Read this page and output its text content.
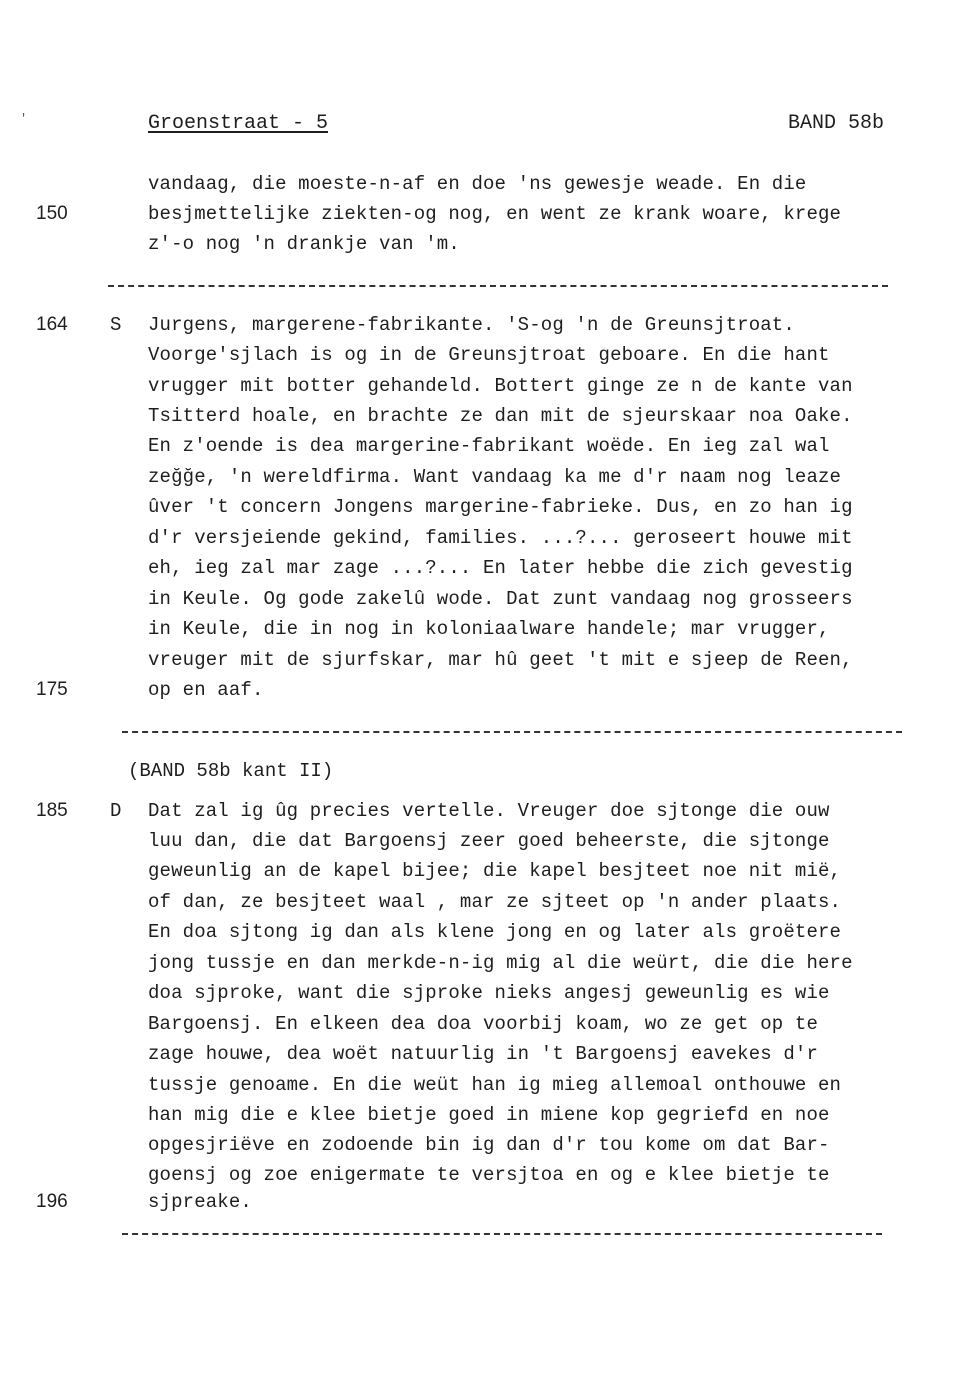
'	Groenstraat - 5	BAND 58b
vandaag, die moeste-n-af en doe 'ns gewesje weade. En die
besjmettelijke ziekten-og nog, en went ze krank woare, krege
z'-o nog 'n drankje van 'm.
150
S
164
175
Jurgens, margerene-fabrikante. 'S-og 'n de Greunsjtroat.
Voorge'sjlach is og in de Greunsjtroat geboare. En die hant
vrugger mit botter gehandeld. Bottert ginge ze n de kante van
Tsitterd hoale, en brachte ze dan mit de sjeurskaar noa Oake.
En z'oende is dea margerine-fabrikant woëde. En ieg zal wal
zeğğe, 'n wereldfirma. Want vandaag ka me d'r naam nog leaze
ûver 't concern Jongens margerine-fabrieke. Dus, en zo han ig
d'r versjeiende gekind, families. ...?... geroseert houwe mit
eh, ieg zal mar zage ...?... En later hebbe die zich gevestig
in Keule. Og gode zakelû wode. Dat zunt vandaag nog grosseers
in Keule, die in nog in koloniaalware handele; mar vrugger,
vreuger mit de sjurfskar, mar hû geet 't mit e sjeep de Reen,
op en aaf.
(BAND 58b kant II)
D
185
196
Dat zal ig ûg precies vertelle. Vreuger doe sjtonge die ouw
luu dan, die dat Bargoensj zeer goed beheerste, die sjtonge
geweunlig an de kapel bijee; die kapel besjteet noe nit mië,
of dan, ze besjteet waal , mar ze sjteet op 'n ander plaats.
En doa sjtong ig dan als klene jong en og later als groëtere
jong tussje en dan merkde-n-ig mig al die weürt, die die here
doa sjproke, want die sjproke nieks angesj geweunlig es wie
Bargoensj. En elkeen dea doa voorbij koam, wo ze get op te
zage houwe, dea woët natuurlig in 't Bargoensj eavekes d'r
tussje genoame. En die weüt han ig mieg allemoal onthouwe en
han mig die e klee bietje goed in miene kop gegriefd en noe
opgesjriëve en zodoende bin ig dan d'r tou kome om dat Bar-
goensj og zoe enigermate te versjtoa en og e klee bietje te
sjpreake.
